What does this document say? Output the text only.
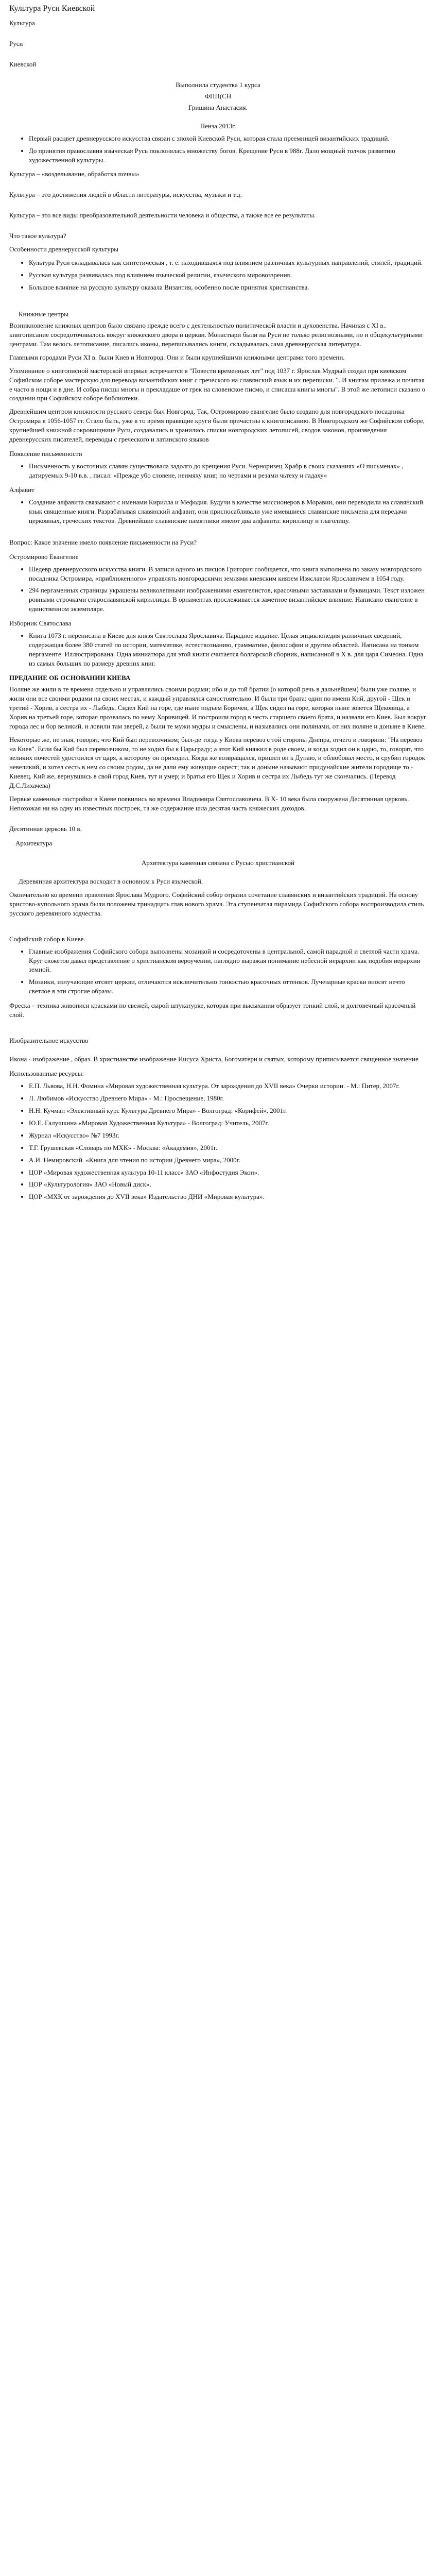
Культура Руси Киевской
Культура
Руси
Киевской
Выполнила студентка 1 курса
ФПП(СН
Гришина Анастасия.
Пенза 2013г.
• Первый расцвет древнерусского искусства связан с эпохой Киевской Руси, которая стала преемницей византийских традиций.
• До принятия православия языческая Русь поклонялась множеству богов. Крещение Руси в 988г. Дало мощный толчок развитию художественной культуры.
Культура – «возделывание, обработка почвы»
Культура – это достижения людей в области литературы, искусства, музыки и т.д.
Культура – это все виды преобразовательной деятельности человека и общества, а также все ее результаты.
Что такое культура?
Особенности древнерусской культуры
• Культура Руси складывалась как синтетическая , т. е. находившаяся под влиянием различных культурных направлений, стилей, традиций.
• Русская культура развивалась под влиянием языческой религии, языческого мировоззрения.
• Большое влияние на русскую культуру оказала Византия, особенно после принятия христианства.
Книжные центры
Возникновение книжных центров было связано прежде всего с деятельностью политической власти и духовенства. Начиная с XI в.. книгописание сосредоточивалось вокруг княжеского двора и церкви. Монастыри были на Руси не только религиозными, но и общекультурными центрами. Там велось летописание, писались иконы, переписывались книги, складывалась сама древнерусская литература.
Главными городами Руси XI в. были Киев и Новгород. Они и были крупнейшими книжными центрами того времени.
Упоминание о книгописной мастерской впервые встречается в "Повести временных лет" под 1037 г. Ярослав Мудрый создал при киевском Софийском соборе мастерскую для перевода византийских книг с греческого на славянский язык и их переписки. "..И книгам прилежа и почитая е часто в нощи и в дне. И собра писцы многы и прекладаше от грек на словенское писмо, и списаша книгы многы". В этой же летописи сказано о создании при Софийском соборе библиотеки.
Древнейшим центром книжности русского севера был Новгород. Так, Остромирово евангелие было создано для новгородского посадника Остромира в 1056-1057 гг. Стало быть, уже в то время правящие круги были причастны к книгописанию. В Новгородском же Софийском соборе, крупнейшей книжной сокровищнице Руси, создавались и хранились списки новгородских летописей, сводов законов, произведения древнерусских писателей, переводы с греческого и латинского языков
Появление письменности
• Письменность у восточных славян существовала задолго до крещения Руси. Черноризец Храбр в своих сказаниях «О письменах» , датируемых 9-10 в.в. , писал: «Прежде убо словене, неимяху книг, но чертами и резами чьтеху и гадаху»
Алфавит
• Создание алфавита связывают с именами Кирилла и Мефодия. Будучи в качестве миссионеров в Моравии, они переводили на славянский язык священные книги. Разрабатывая славянский алфавит, они приспосабливали уже имевшиеся славянские письмена для передачи церковных, греческих текстов. Древнейшие славянские памятники имеют два алфавита: кириллицу и глаголицу.
Вопрос: Какое значение имело появление письменности на Руси?
Остромирово Евангелие
• Шедевр древнерусского искусства книги. В записи одного из писцов Григория сообщается, что книга выполнена по заказу новгородского посадника Остромира, «приближенного» управлять новгородскими землями киевским князем Изяславом Ярославичем в 1054 году.
• 294 пергаменных страницы украшены великолепными изображениями евангелистов, красочными заставками и буквицами. Текст изложен ровными строчками старославянской кириллицы. В орнаментах прослеживается заметное византийское влияние. Написано евангелие в единственном экземпляре.
Изборник Святослава
• Книга 1073 г. переписана в Киеве для князя Святослава Ярославича. Парадное издание. Целая энциклопедия различных сведений, содержащая более 380 статей по истории, математике, естествознанию, грамматике, философии и другим областей. Написана на тонком пергаменте. Иллюстрирована. Одна миниатюра для этой книги считается болгарской сборник, написанной в X в. для царя Симеона. Одна из самых больших по размеру древних книг.
ПРЕДАНИЕ ОБ ОСНОВАНИИ КИЕВА
Поляне же жили в те времена отдельно и управлялись своими родами; ибо и до той братии (о которой речь в дальнейшем) были уже поляне, и жили они все своими родами на своих местах, и каждый управлялся самостоятельно. И были три брата: один по имени Кий, другой - Щек и третий - Хорив, а сестра их - Лыбедь. Сидел Кий на горе, где ныне подъем Боричев, а Щек сидел на горе, которая ныне зовется Щековица, а Хорив на третьей горе, которая прозвалась по нему Хоривицей. И построили город в честь старшего своего брата, и назвали его Киев. Был вокруг города лес и бор великий, и ловили там зверей, а были те мужи мудры и смыслены, и назывались они полянами, от них поляне и доныне в Киеве.
Некоторые же, не зная, говорят, что Кий был перевозчиком; был-де тогда у Киева перевоз с той стороны Днепра, отчего и говорили: "На перевоз на Киев". Если бы Кий был перевозчиком, то не ходил бы к Царьграду; а этот Кий княжил в роде своем, и когда ходил он к царю, то, говорят, что великих почестей удостоился от царя, к которому он приходил. Когда же возвращался, пришел он к Дунаю, и облюбовал место, и срубил городок невеликий, и хотел сесть в нем со своим родом, да не дали ему живущие окрест; так и доныне называют придунайские жители городище то - Киевец. Кий же, вернувшись в свой город Киев, тут и умер; и братья его Щек и Хорив и сестра их Лыбедь тут же скончались. (Перевод Д.С.Лихачева)
Первые каменные постройки в Киеве появились во времена Владимира Святославовича. В X- 10 века была сооружена Десятинная церковь. Непохожая ни на одну из известных построек, та же содержание шла десятая часть княжеских доходов.
Десятинная церковь 10 в.
Архитектура
Архитектура каменная связана с Русью христианской
Деревянная архитектура восходит в основном к Руси языческой.
Окончательно ко времени правления Ярослава Мудрого. Софийский собор отразил сочетание славянских и византийских традиций. На основу христово-купольного храма были положены тринадцать глав нового храма. Эта ступенчатая пирамида Софийского собора воспроизводила стиль русского деревянного зодчества.
Софийский собор в Киеве.
• Главные изображения Софийского собора выполнены мозаикой и сосредоточены в центральной, самой парадной и светлой части храма. Круг сюжетов давал представление о христианском вероучении, наглядно выражая понимание небесной иерархии как подобия иерархии земной.
• Мозаики, излучающие отсвет церкви, отличаются исключительно тонкостью красочных оттенков. Лучезарные краски вносят нечто светлое в эти строгие образы.
Фреска – техника живописи красками по свежей, сырой штукатурке, которая при высыхании образует тонкий слой, и долговечный красочный слой.
Изобразительное искусство
Икона - изображение , образ. В христианстве изображение Иисуса Христа, Богоматери и святых, которому приписывается священное значение
Использованные ресурсы:
• Е.П. Львова, Н.Н. Фомина «Мировая художественная культура. От зарождения до XVII века» Очерки истории. - М.: Питер, 2007г.
• Л. Любимов «Искусство Древнего Мира» - М.: Просвещение, 1980г.
• Н.Н. Кучман «Элективный курс Культура Древнего Мира» - Волгоград: «Корифей», 2001г.
• Ю.Е. Галушкина «Мировая Художественная Культура» - Волгоград: Учитель, 2007г.
• Журнал «Искусство» №7 1993г.
• Т.Г. Грушевская «Словарь по МХК» - Москва: «Академия», 2001г.
• А.И. Немировский. «Книга для чтения по истории Древнего мира», 2000г.
• ЦОР «Мировая художественная культура 10-11 класс» ЗАО «Инфостудия Экон».
• ЦОР «Культурология» ЗАО «Новый диск».
• ЦОР «МХК от зарождения до XVII века» Издательство ДНИ «Мировая культура».
